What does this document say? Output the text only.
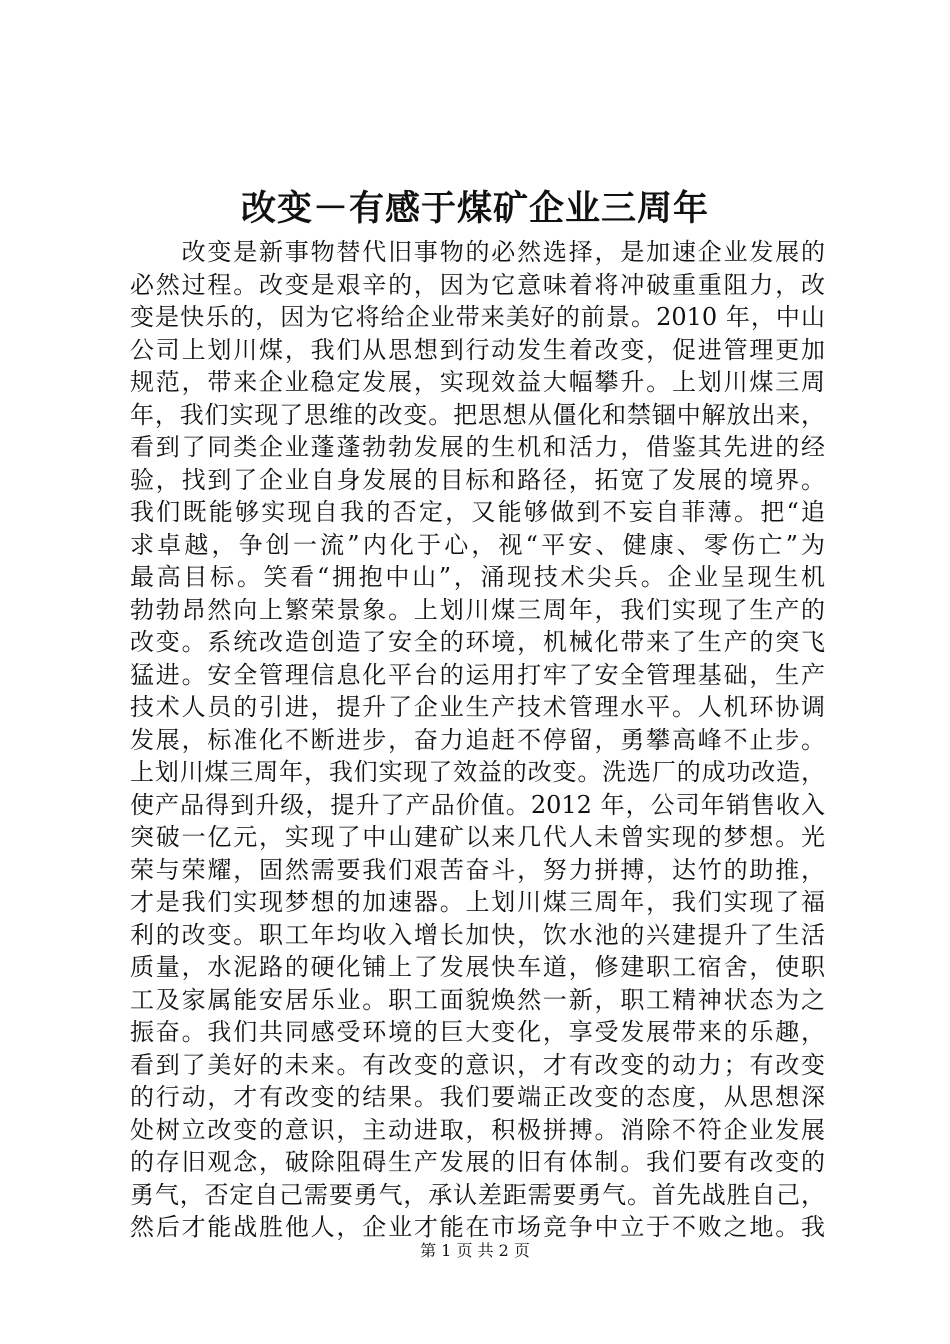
改变－有感于煤矿企业三周年
　　改变是新事物替代旧事物的必然选择，是加速企业发展的
必然过程。改变是艰辛的，因为它意味着将冲破重重阻力，改
变是快乐的，因为它将给企业带来美好的前景。2010 年，中山
公司上划川煤，我们从思想到行动发生着改变，促进管理更加
规范，带来企业稳定发展，实现效益大幅攀升。上划川煤三周
年，我们实现了思维的改变。把思想从僵化和禁锢中解放出来，
看到了同类企业蓬蓬勃勃发展的生机和活力，借鉴其先进的经
验，找到了企业自身发展的目标和路径，拓宽了发展的境界。
我们既能够实现自我的否定，又能够做到不妄自菲薄。把“追
求卓越，争创一流”内化于心，视“平安、健康、零伤亡”为
最高目标。笑看“拥抱中山”，涌现技术尖兵。企业呈现生机
勃勃昂然向上繁荣景象。上划川煤三周年，我们实现了生产的
改变。系统改造创造了安全的环境，机械化带来了生产的突飞
猛进。安全管理信息化平台的运用打牢了安全管理基础，生产
技术人员的引进，提升了企业生产技术管理水平。人机环协调
发展，标准化不断进步，奋力追赶不停留，勇攀高峰不止步。
上划川煤三周年，我们实现了效益的改变。洗选厂的成功改造，
使产品得到升级，提升了产品价值。2012 年，公司年销售收入
突破一亿元，实现了中山建矿以来几代人未曾实现的梦想。光
荣与荣耀，固然需要我们艰苦奋斗，努力拼搏，达竹的助推，
才是我们实现梦想的加速器。上划川煤三周年，我们实现了福
利的改变。职工年均收入增长加快，饮水池的兴建提升了生活
质量，水泥路的硬化铺上了发展快车道，修建职工宿舍，使职
工及家属能安居乐业。职工面貌焕然一新，职工精神状态为之
振奋。我们共同感受环境的巨大变化，享受发展带来的乐趣，
看到了美好的未来。有改变的意识，才有改变的动力；有改变
的行动，才有改变的结果。我们要端正改变的态度，从思想深
处树立改变的意识，主动进取，积极拼搏。消除不符企业发展
的存旧观念，破除阻碍生产发展的旧有体制。我们要有改变的
勇气，否定自己需要勇气，承认差距需要勇气。首先战胜自己，
然后才能战胜他人，企业才能在市场竞争中立于不败之地。我
第 1 页 共 2 页
